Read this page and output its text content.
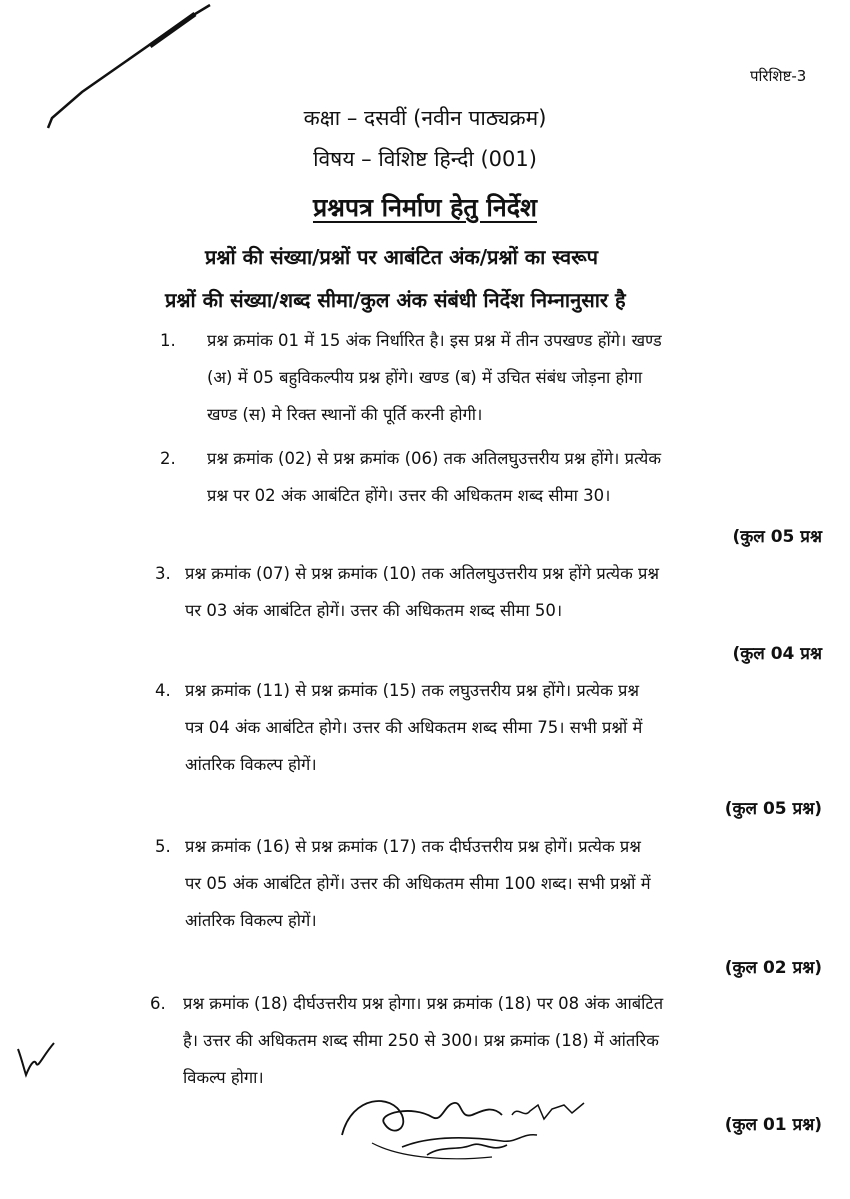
परिशिष्ट-3
कक्षा – दसवीं (नवीन पाठ्यक्रम)
विषय – विशिष्ट हिन्दी (001)
प्रश्नपत्र निर्माण हेतु निर्देश
प्रश्नों की संख्या/प्रश्नों पर आबंटित अंक/प्रश्नों का स्वरूप
प्रश्नों की संख्या/शब्द सीमा/कुल अंक संबंधी निर्देश निम्नानुसार है
1.	प्रश्न क्रमांक 01 में 15 अंक निर्धारित है। इस प्रश्न में तीन उपखण्ड होंगे। खण्ड
(अ) में 05 बहुविकल्पीय प्रश्न होंगे। खण्ड (ब) में उचित संबंध जोड़ना होगा
खण्ड (स) मे रिक्त स्थानों की पूर्ति करनी होगी।
2.	प्रश्न क्रमांक (02) से प्रश्न क्रमांक (06) तक अतिलघुउत्तरीय प्रश्न होंगे। प्रत्येक
प्रश्न पर 02 अंक आबंटित होंगे। उत्तर की अधिकतम शब्द सीमा 30।
(कुल 05 प्रश्न
3. प्रश्न क्रमांक (07) से प्रश्न क्रमांक (10) तक अतिलघुउत्तरीय प्रश्न होंगे प्रत्येक प्रश्न
पर 03 अंक आबंटित होगें। उत्तर की अधिकतम शब्द सीमा 50।
(कुल 04 प्रश्न
4. प्रश्न क्रमांक (11) से प्रश्न क्रमांक (15) तक लघुउत्तरीय प्रश्न होंगे। प्रत्येक प्रश्न
पत्र 04 अंक आबंटित होगे। उत्तर की अधिकतम शब्द सीमा 75। सभी प्रश्नों में
आंतरिक विकल्प होगें।
(कुल 05 प्रश्न)
5. प्रश्न क्रमांक (16) से प्रश्न क्रमांक (17) तक दीर्घउत्तरीय प्रश्न होगें। प्रत्येक प्रश्न
पर 05 अंक आबंटित होगें। उत्तर की अधिकतम सीमा 100 शब्द। सभी प्रश्नों में
आंतरिक विकल्प होगें।
(कुल 02 प्रश्न)
6.	प्रश्न क्रमांक (18) दीर्घउत्तरीय प्रश्न होगा। प्रश्न क्रमांक (18) पर 08 अंक आबंटित
है। उत्तर की अधिकतम शब्द सीमा 250 से 300। प्रश्न क्रमांक (18) में आंतरिक
विकल्प होगा।
(कुल 01 प्रश्न)
